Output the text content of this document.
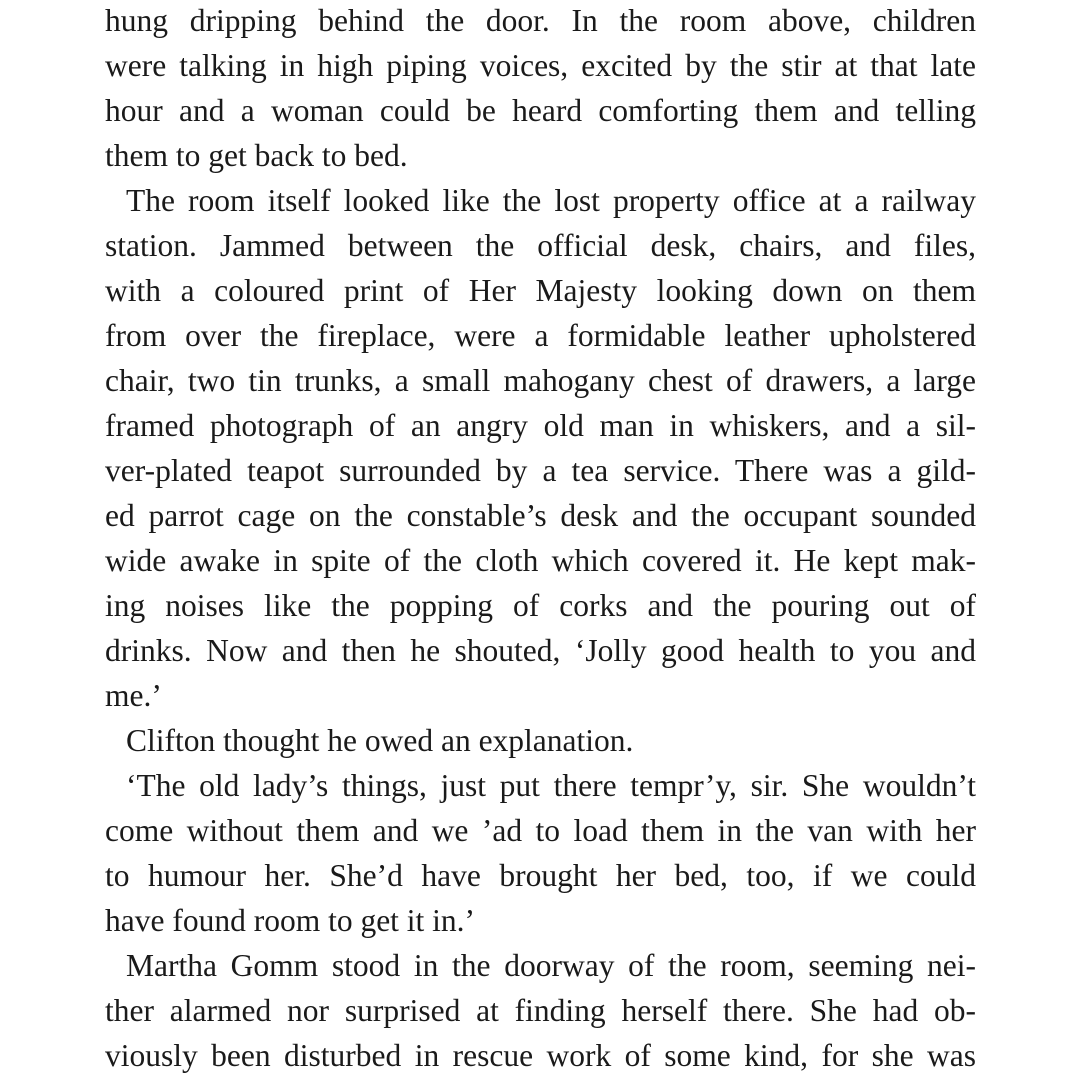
hung dripping behind the door. In the room above, children
were talking in high piping voices, excited by the stir at that late
hour and a woman could be heard comforting them and telling
them to get back to bed.

The room itself looked like the lost property office at a railway
station. Jammed between the official desk, chairs, and files,
with a coloured print of Her Majesty looking down on them
from over the fireplace, were a formidable leather upholstered
chair, two tin trunks, a small mahogany chest of drawers, a large
framed photograph of an angry old man in whiskers, and a sil-
ver-plated teapot surrounded by a tea service. There was a gild-
ed parrot cage on the constable’s desk and the occupant sounded
wide awake in spite of the cloth which covered it. He kept mak-
ing noises like the popping of corks and the pouring out of
drinks. Now and then he shouted, ‘Jolly good health to you and
me.’

Clifton thought he owed an explanation.

‘The old lady’s things, just put there tempr’y, sir. She wouldn’t
come without them and we ’ad to load them in the van with her
to humour her. She’d have brought her bed, too, if we could
have found room to get it in.’

Martha Gomm stood in the doorway of the room, seeming nei-
ther alarmed nor surprised at finding herself there. She had ob-
viously been disturbed in rescue work of some kind, for she was
